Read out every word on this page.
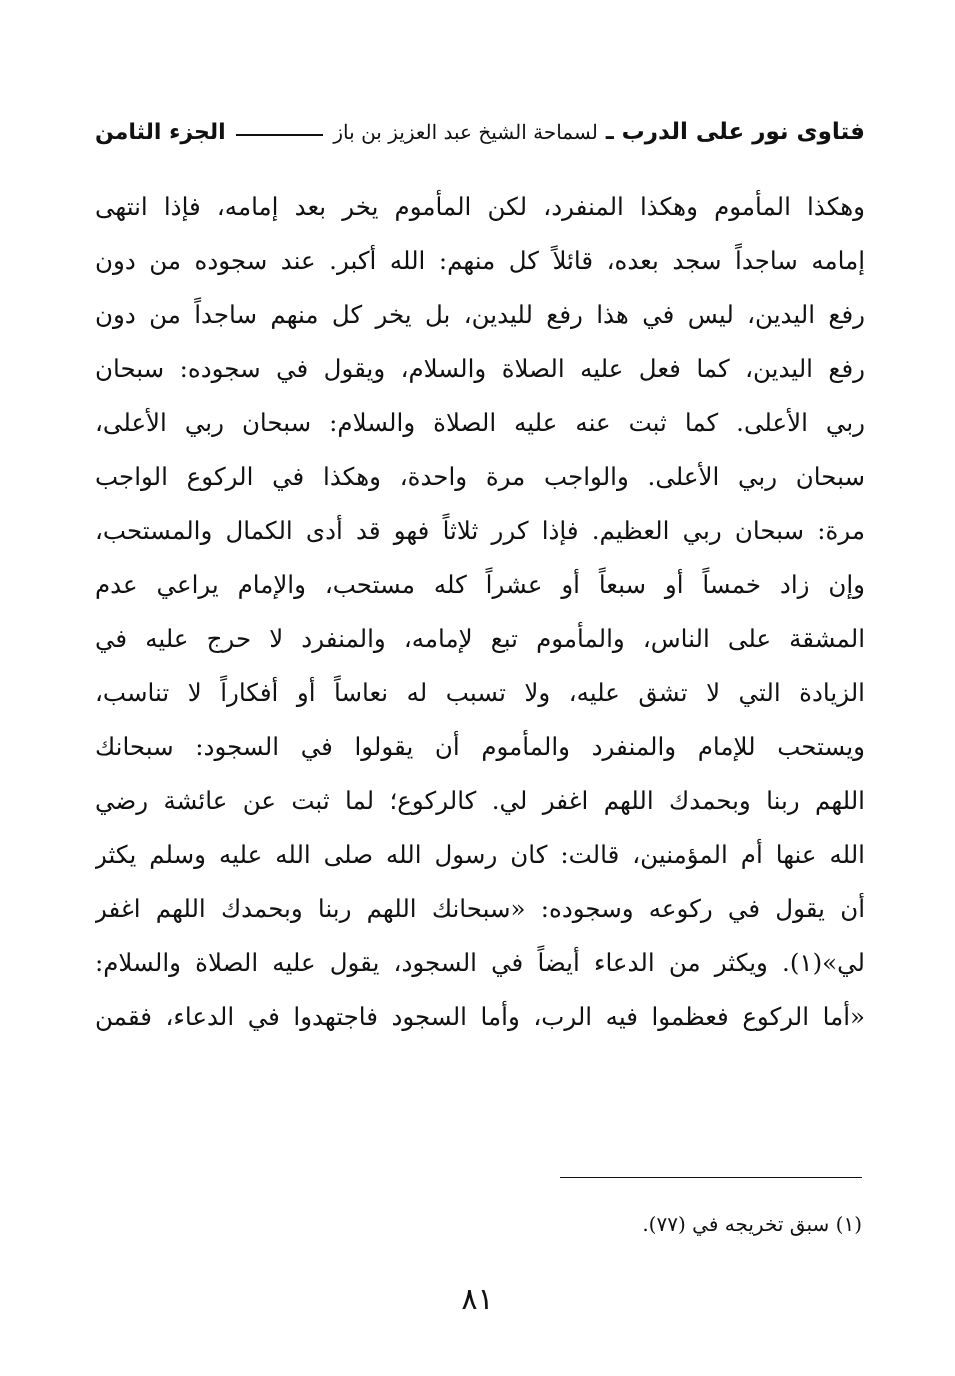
فتاوى نور على الدرب ـ
لسماحة الشيخ عبد العزيز بن باز
الجزء الثامن
وهكذا المأموم وهكذا المنفرد، لكن المأموم يخر بعد إمامه، فإذا انتهى
إمامه ساجداً سجد بعده، قائلاً كل منهم: الله أكبر. عند سجوده من دون
رفع اليدين، ليس في هذا رفع لليدين، بل يخر كل منهم ساجداً من دون
رفع اليدين، كما فعل عليه الصلاة والسلام، ويقول في سجوده: سبحان
ربي الأعلى. كما ثبت عنه عليه الصلاة والسلام: سبحان ربي الأعلى،
سبحان ربي الأعلى. والواجب مرة واحدة، وهكذا في الركوع الواجب
مرة: سبحان ربي العظيم. فإذا كرر ثلاثاً فهو قد أدى الكمال والمستحب،
وإن زاد خمساً أو سبعاً أو عشراً كله مستحب، والإمام يراعي عدم
المشقة على الناس، والمأموم تبع لإمامه، والمنفرد لا حرج عليه في
الزيادة التي لا تشق عليه، ولا تسبب له نعاساً أو أفكاراً لا تناسب،
ويستحب للإمام والمنفرد والمأموم أن يقولوا في السجود: سبحانك
اللهم ربنا وبحمدك اللهم اغفر لي. كالركوع؛ لما ثبت عن عائشة رضي
الله عنها أم المؤمنين، قالت: كان رسول الله صلى الله عليه وسلم يكثر
أن يقول في ركوعه وسجوده: «سبحانك اللهم ربنا وبحمدك اللهم اغفر
لي»(١). ويكثر من الدعاء أيضاً في السجود، يقول عليه الصلاة والسلام:
«أما الركوع فعظموا فيه الرب، وأما السجود فاجتهدوا في الدعاء، فقمن
(١) سبق تخريجه في (٧٧).
٨١
